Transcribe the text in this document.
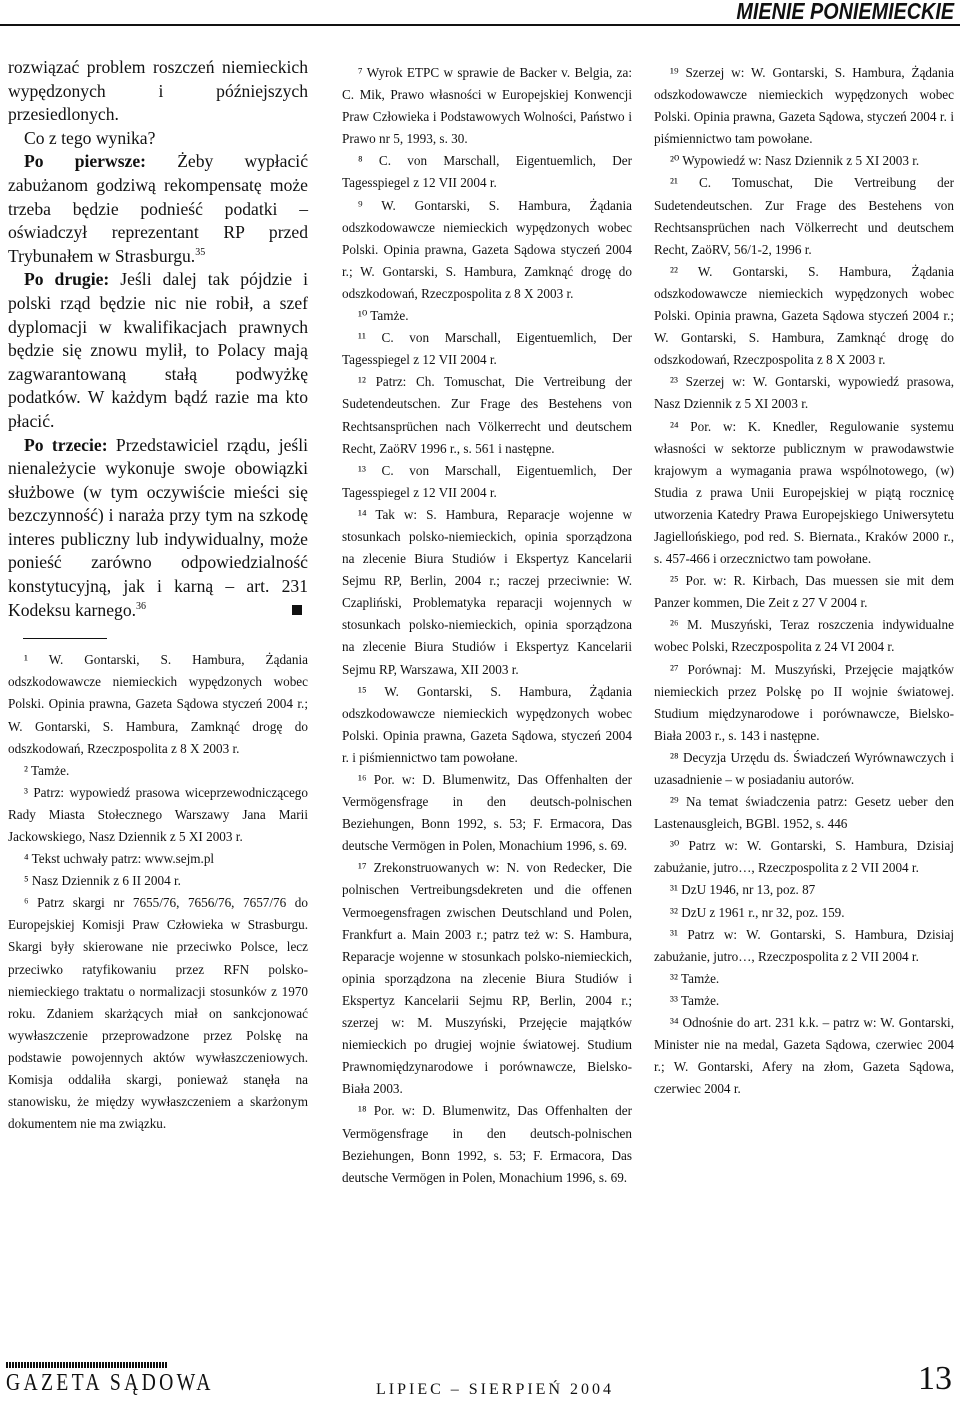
MIENIE PONIEMIECKIE

rozwiązać problem roszczeń niemieckich wypędzonych i późniejszych przesiedlonych.

Co z tego wynika?

Po pierwsze: Żeby wypłacić zabużanom godziwą rekompensatę może trzeba będzie podnieść podatki – oświadczył reprezentant RP przed Trybunałem w Strasburgu.$^{35}$

Po drugie: Jeśli dalej tak pójdzie i polski rząd będzie nic nie robił, a szef dyplomacji w kwalifikacjach prawnych będzie się znowu mylił, to Polacy mają zagwarantowaną stałą podwyżkę podatków. W każdym bądź razie ma kto płacić.

Po trzecie: Przedstawiciel rządu, jeśli nienależycie wykonuje swoje obowiązki służbowe (w tym oczywiście mieści się bezczynność) i naraża przy tym na szkodę interes publiczny lub indywidualny, może ponieść zarówno odpowiedzialność konstytucyjną, jak i karną – art. 231 Kodeksu karnego.$^{36}$

¹ W. Gontarski, S. Hambura, Żądania odszkodowawcze niemieckich wypędzonych wobec Polski. Opinia prawna, Gazeta Sądowa styczeń 2004 r.; W. Gontarski, S. Hambura, Zamknąć drogę do odszkodowań, Rzeczpospolita z 8 X 2003 r.

² Tamże.

³ Patrz: wypowiedź prasowa wiceprzewodniczącego Rady Miasta Stołecznego Warszawy Jana Marii Jackowskiego, Nasz Dziennik z 5 XI 2003 r.

⁴ Tekst uchwały patrz: www.sejm.pl

⁵ Nasz Dziennik z 6 II 2004 r.

⁶ Patrz skargi nr 7655/76, 7656/76, 7657/76 do Europejskiej Komisji Praw Człowieka w Strasburgu. Skargi były skierowane nie przeciwko Polsce, lecz przeciwko ratyfikowaniu przez RFN polsko-niemieckiego traktatu o normalizacji stosunków z 1970 roku. Zdaniem skarżących miał on sankcjonować wywłaszczenie przeprowadzone przez Polskę na podstawie powojennych aktów wywłaszczeniowych. Komisja oddaliła skargi, ponieważ stanęła na stanowisku, że między wywłaszczeniem a skarżonym dokumentem nie ma związku.

⁷ Wyrok ETPC w sprawie de Backer v. Belgia, za: C. Mik, Prawo własności w Europejskiej Konwencji Praw Człowieka i Podstawowych Wolności, Państwo i Prawo nr 5, 1993, s. 30.

⁸ C. von Marschall, Eigentuemlich, Der Tagesspiegel z 12 VII 2004 r.

⁹ W. Gontarski, S. Hambura, Żądania odszkodowawcze niemieckich wypędzonych wobec Polski. Opinia prawna, Gazeta Sądowa styczeń 2004 r.; W. Gontarski, S. Hambura, Zamknąć drogę do odszkodowań, Rzeczpospolita z 8 X 2003 r.

¹⁰ Tamże.

¹¹ C. von Marschall, Eigentuemlich, Der Tagesspiegel z 12 VII 2004 r.

¹² Patrz: Ch. Tomuschat, Die Vertreibung der Sudetendeutschen. Zur Frage des Bestehens von Rechtsansprüchen nach Völkerrecht und deutschem Recht, ZaöRV 1996 r., s. 561 i następne.

¹³ C. von Marschall, Eigentuemlich, Der Tagesspiegel z 12 VII 2004 r.

¹⁴ Tak w: S. Hambura, Reparacje wojenne w stosunkach polsko-niemieckich, opinia sporządzona na zlecenie Biura Studiów i Ekspertyz Kancelarii Sejmu RP, Berlin, 2004 r.; raczej przeciwnie: W. Czapliński, Problematyka reparacji wojennych w stosunkach polsko-niemieckich, opinia sporządzona na zlecenie Biura Studiów i Ekspertyz Kancelarii Sejmu RP, Warszawa, XII 2003 r.

¹⁵ W. Gontarski, S. Hambura, Żądania odszkodowawcze niemieckich wypędzonych wobec Polski. Opinia prawna, Gazeta Sądowa, styczeń 2004 r. i piśmiennictwo tam powołane.

¹⁶ Por. w: D. Blumenwitz, Das Offenhalten der Vermögensfrage in den deutsch-polnischen Beziehungen, Bonn 1992, s. 53; F. Ermacora, Das deutsche Vermögen in Polen, Monachium 1996, s. 69.

¹⁷ Zrekonstruowanych w: N. von Redecker, Die polnischen Vertreibungsdekreten und die offenen Vermoegensfragen zwischen Deutschland und Polen, Frankfurt a. Main 2003 r.; patrz też w: S. Hambura, Reparacje wojenne w stosunkach polsko-niemieckich, opinia sporządzona na zlecenie Biura Studiów i Ekspertyz Kancelarii Sejmu RP, Berlin, 2004 r.; szerzej w: M. Muszyński, Przejęcie majątków niemieckich po drugiej wojnie światowej. Studium Prawnomiędzynarodowe i porównawcze, Bielsko-Biała 2003.

¹⁸ Por. w: D. Blumenwitz, Das Offenhalten der Vermögensfrage in den deutsch-polnischen Beziehungen, Bonn 1992, s. 53; F. Ermacora, Das deutsche Vermögen in Polen, Monachium 1996, s. 69.

¹⁹ Szerzej w: W. Gontarski, S. Hambura, Żądania odszkodowawcze niemieckich wypędzonych wobec Polski. Opinia prawna, Gazeta Sądowa, styczeń 2004 r. i piśmiennictwo tam powołane.

²⁰ Wypowiedź w: Nasz Dziennik z 5 XI 2003 r.

²¹ C. Tomuschat, Die Vertreibung der Sudetendeutschen. Zur Frage des Bestehens von Rechtsansprüchen nach Völkerrecht und deutschem Recht, ZaöRV, 56/1-2, 1996 r.

²² W. Gontarski, S. Hambura, Żądania odszkodowawcze niemieckich wypędzonych wobec Polski. Opinia prawna, Gazeta Sądowa styczeń 2004 r.; W. Gontarski, S. Hambura, Zamknąć drogę do odszkodowań, Rzeczpospolita z 8 X 2003 r.

²³ Szerzej w: W. Gontarski, wypowiedź prasowa, Nasz Dziennik z 5 XI 2003 r.

²⁴ Por. w: K. Knedler, Regulowanie systemu własności w sektorze publicznym w prawodawstwie krajowym a wymagania prawa wspólnotowego, (w) Studia z prawa Unii Europejskiej w piątą rocznicę utworzenia Katedry Prawa Europejskiego Uniwersytetu Jagiellońskiego, pod red. S. Biernata., Kraków 2000 r., s. 457-466 i orzecznictwo tam powołane.

²⁵ Por. w: R. Kirbach, Das muessen sie mit dem Panzer kommen, Die Zeit z 27 V 2004 r.

²⁶ M. Muszyński, Teraz roszczenia indywidualne wobec Polski, Rzeczpospolita z 24 VI 2004 r.

²⁷ Porównaj: M. Muszyński, Przejęcie majątków niemieckich przez Polskę po II wojnie światowej. Studium międzynarodowe i porównawcze, Bielsko-Biała 2003 r., s. 143 i następne.

²⁸ Decyzja Urzędu ds. Świadczeń Wyrównawczych i uzasadnienie – w posiadaniu autorów.

²⁹ Na temat świadczenia patrz: Gesetz ueber den Lastenausgleich, BGBl. 1952, s. 446

³⁰ Patrz w: W. Gontarski, S. Hambura, Dzisiaj zabużanie, jutro…, Rzeczpospolita z 2 VII 2004 r.

³¹ DzU 1946, nr 13, poz. 87

³² DzU z 1961 r., nr 32, poz. 159.

³¹ Patrz w: W. Gontarski, S. Hambura, Dzisiaj zabużanie, jutro…, Rzeczpospolita z 2 VII 2004 r.

³² Tamże.

³³ Tamże.

³⁴ Odnośnie do art. 231 k.k. – patrz w: W. Gontarski, Minister nie na medal, Gazeta Sądowa, czerwiec 2004 r.; W. Gontarski, Afery na złom, Gazeta Sądowa, czerwiec 2004 r.

GAZETA SĄDOWA	LIPIEC – SIERPIEŃ 2004	13
